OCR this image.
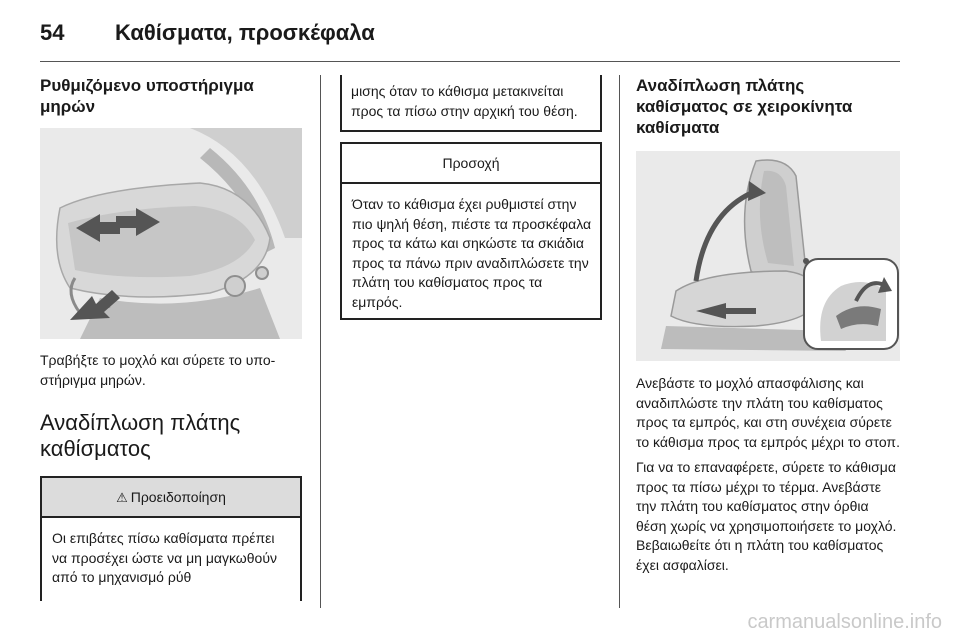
54 Καθίσματα, προσκέφαλα
Ρυθμιζόμενο υποστήριγμα μηρών

Τραβήξτε το μοχλό και σύρετε το υποστήριγμα μηρών.

Αναδίπλωση πλάτης καθίσματος
⚠ Προειδοποίηση

Οι επιβάτες πίσω καθίσματα πρέπει να προσέχει ώστε να μη μαγκωθούν από το μηχανισμό ρύθ

μισης όταν το κάθισμα μετακινείται προς τα πίσω στην αρχική του θέση.

Προσοχή

Όταν το κάθισμα έχει ρυθμιστεί στην πιο ψηλή θέση, πιέστε τα προσκέφαλα προς τα κάτω και σηκώστε τα σκιάδια προς τα πάνω πριν αναδιπλώσετε την πλάτη του καθίσματος προς τα εμπρός.

Αναδίπλωση πλάτης καθίσματος σε χειροκίνητα καθίσματα

Ανεβάστε το μοχλό απασφάλισης και αναδιπλώστε την πλάτη του καθίσματος προς τα εμπρός, και στη συνέχεια σύρετε το κάθισμα προς τα εμπρός μέχρι το στοπ.

Για να το επαναφέρετε, σύρετε το κάθισμα προς τα πίσω μέχρι το τέρμα. Ανεβάστε την πλάτη του καθίσματος στην όρθια θέση χωρίς να χρησιμοποιήσετε το μοχλό. Βεβαιωθείτε ότι η πλάτη του καθίσματος έχει ασφαλίσει.

carmanualsonline.info
